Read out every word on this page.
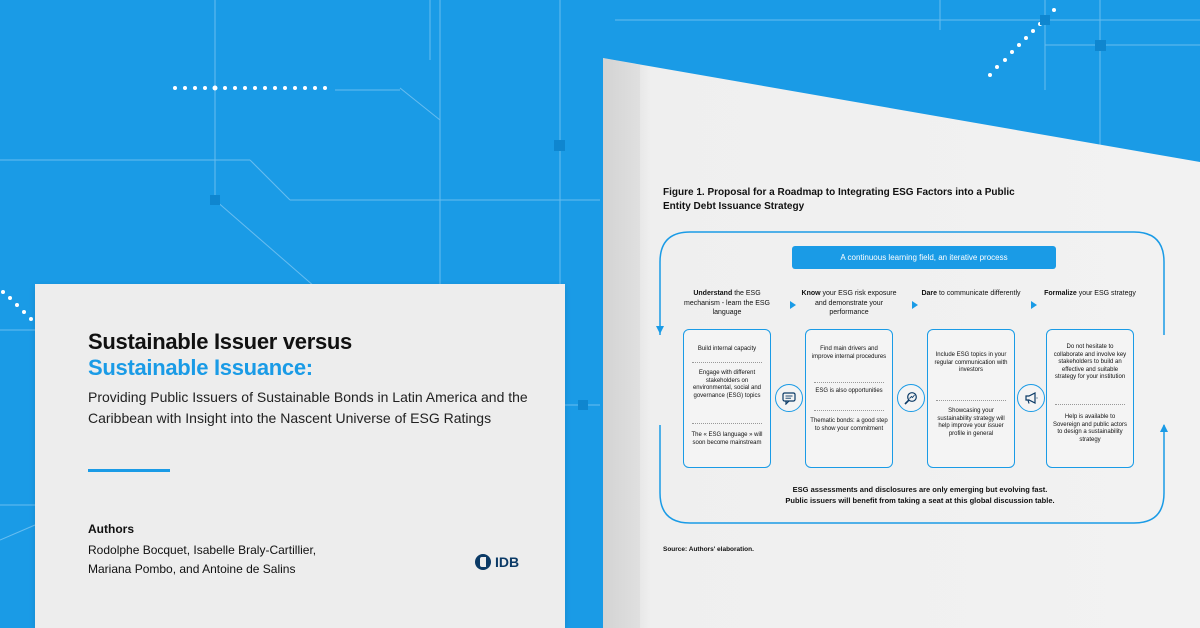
Sustainable Issuer versus
Sustainable Issuance:
Providing Public Issuers of Sustainable Bonds in Latin America and the Caribbean with Insight into the Nascent Universe of ESG Ratings
Authors
Rodolphe Bocquet, Isabelle Braly-Cartillier,
Mariana Pombo, and Antoine de Salins	IDB
Figure 1. Proposal for a Roadmap to Integrating ESG Factors into a Public
Entity Debt Issuance Strategy
A continuous learning field, an iterative process
Understand the ESG mechanism - learn the ESG language
Know your ESG risk exposure and demonstrate your performance
Dare to communicate differently	Formalize your ESG strategy
Build internal capacity
Engage with different stakeholders on environmental, social and governance (ESG) topics
The « ESG language » will soon become mainstream
Find main drivers and improve internal procedures
ESG is also opportunities
Thematic bonds: a good step to show your commitment
Include ESG topics in your regular communication with investors
Showcasing your sustainability strategy will help improve your issuer profile in general
Do not hesitate to collaborate and involve key stakeholders to build an effective and suitable strategy for your institution
Help is available to Sovereign and public actors to design a sustainability strategy
ESG assessments and disclosures are only emerging but evolving fast.
Public issuers will benefit from taking a seat at this global discussion table.
Source: Authors' elaboration.
